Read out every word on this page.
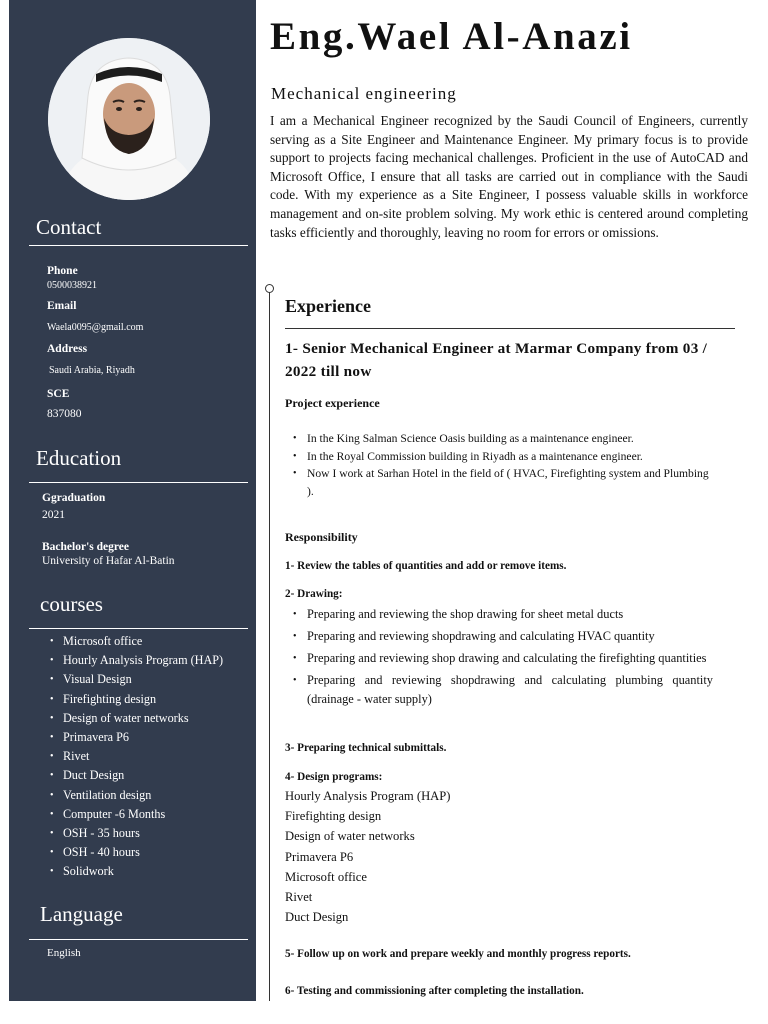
Contact
Phone
0500038921
Email
Waela0095@gmail.com
Address
Saudi Arabia, Riyadh
SCE
837080
Education
Ggraduation
2021
Bachelor's degree
University of Hafar Al-Batin
courses
• Microsoft office
• Hourly Analysis Program (HAP)
• Visual Design
• Firefighting design
• Design of water networks
• Primavera P6
• Rivet
• Duct Design
• Ventilation design
• Computer -6 Months
• OSH - 35 hours
• OSH - 40 hours
• Solidwork
Language
English
Eng.Wael Al-Anazi
Mechanical engineering

I am a Mechanical Engineer recognized by the Saudi Council of Engineers, currently serving as a Site Engineer and Maintenance Engineer. My primary focus is to provide support to projects facing mechanical challenges. Proficient in the use of AutoCAD and Microsoft Office, I ensure that all tasks are carried out in compliance with the Saudi code. With my experience as a Site Engineer, I possess valuable skills in workforce management and on-site problem solving. My work ethic is centered around completing tasks efficiently and thoroughly, leaving no room for errors or omissions.

Experience
1- Senior Mechanical Engineer at Marmar Company from 03 / 2022 till now
Project experience
• In the King Salman Science Oasis building as a maintenance engineer.
• In the Royal Commission building in Riyadh as a maintenance engineer.
• Now I work at Sarhan Hotel in the field of ( HVAC, Firefighting system and Plumbing ).
Responsibility
1- Review the tables of quantities and add or remove items.
2- Drawing:
• Preparing and reviewing the shop drawing for sheet metal ducts
• Preparing and reviewing shopdrawing and calculating HVAC quantity
• Preparing and reviewing shop drawing and calculating the firefighting quantities
• Preparing and reviewing shopdrawing and calculating plumbing quantity (drainage - water supply)
3- Preparing technical submittals.
4- Design programs:
Hourly Analysis Program (HAP)
Firefighting design
Design of water networks
Primavera P6
Microsoft office
Rivet
Duct Design
5- Follow up on work and prepare weekly and monthly progress reports.
6- Testing and commissioning after completing the installation.
